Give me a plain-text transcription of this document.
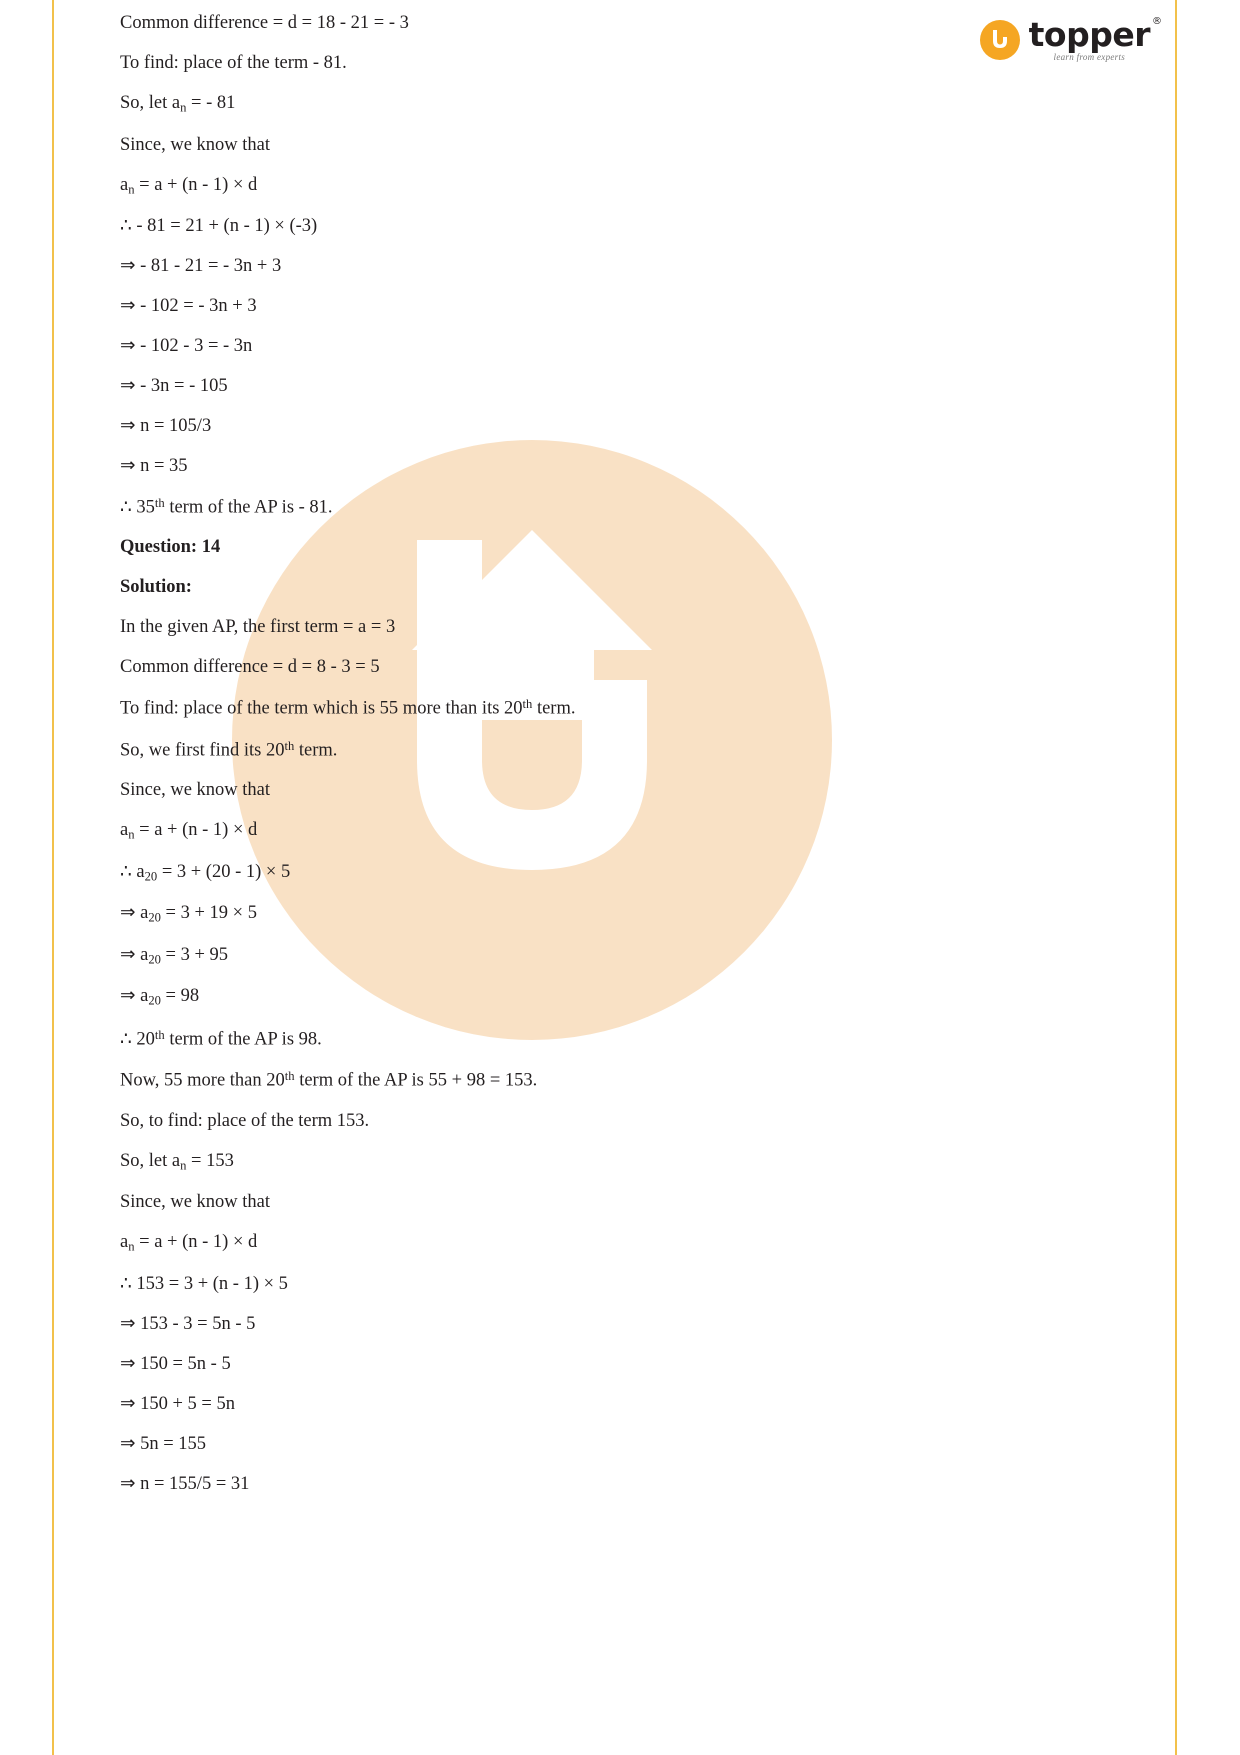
topper ®
learn from experts

Common difference = d = 18 - 21 = - 3

To find: place of the term - 81.

So, let $a_n$ = - 81

Since, we know that

$a_n = a + (n - 1) \times d$

∴ - 81 = 21 + (n - 1) × (-3)

⇒ - 81 - 21 = - 3n + 3

⇒ - 102 = - 3n + 3

⇒ - 102 - 3 = - 3n

⇒ - 3n = - 105

⇒ n = 105/3

⇒ n = 35

∴ 35th term of the AP is - 81.

Question: 14

Solution:

In the given AP, the first term = a = 3

Common difference = d = 8 - 3 = 5

To find: place of the term which is 55 more than its 20th term.

So, we first find its 20th term.

Since, we know that

$a_n = a + (n - 1) \times d$

∴ $a_{20} = 3 + (20 - 1) \times 5$

⇒ $a_{20} = 3 + 19 \times 5$

⇒ $a_{20} = 3 + 95$

⇒ $a_{20} = 98$

∴ 20th term of the AP is 98.

Now, 55 more than 20th term of the AP is 55 + 98 = 153.

So, to find: place of the term 153.

So, let $a_n = 153$

Since, we know that

$a_n = a + (n - 1) \times d$

∴ 153 = 3 + (n - 1) × 5

⇒ 153 - 3 = 5n - 5

⇒ 150 = 5n - 5

⇒ 150 + 5 = 5n

⇒ 5n = 155

⇒ n = 155/5 = 31
